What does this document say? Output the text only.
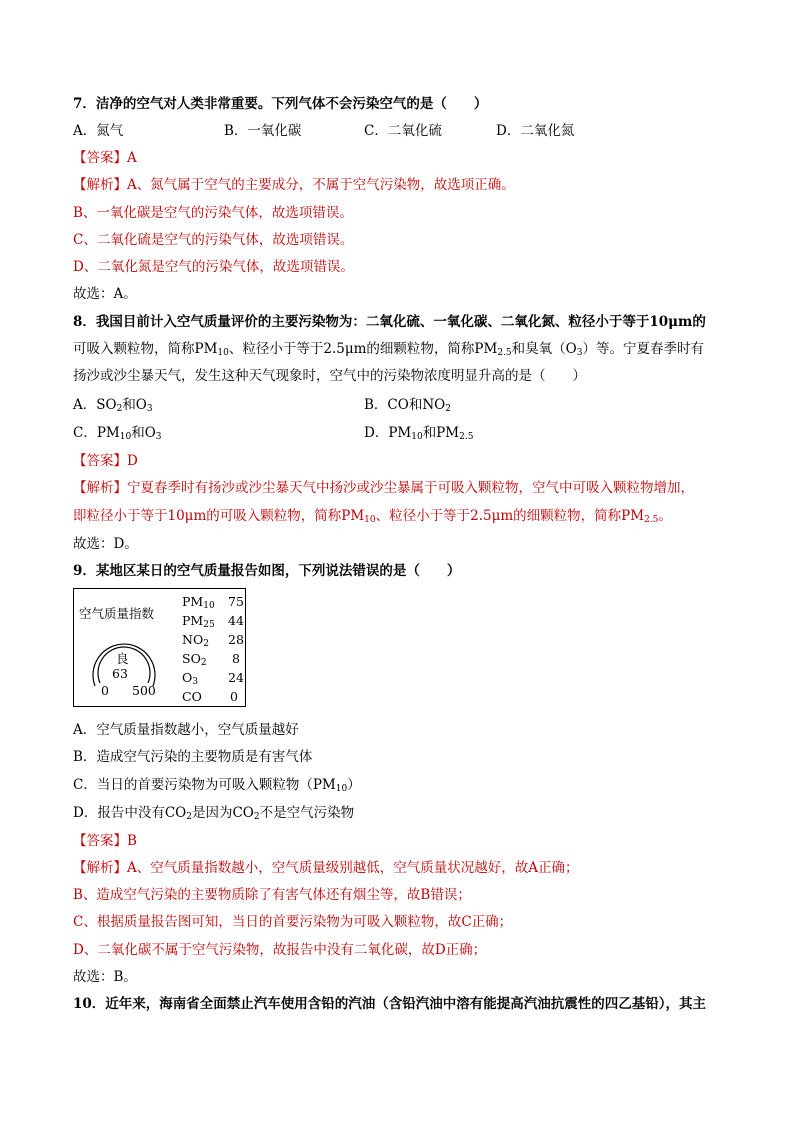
7．洁净的空气对人类非常重要。下列气体不会污染空气的是（　　）
A．氮气	B．一氧化碳	C．二氧化硫	D．二氧化氮
【答案】A
【解析】A、氮气属于空气的主要成分，不属于空气污染物，故选项正确。
B、一氧化碳是空气的污染气体，故选项错误。
C、二氧化硫是空气的污染气体，故选项错误。
D、二氧化氮是空气的污染气体，故选项错误。
故选：A。
8．我国目前计入空气质量评价的主要污染物为：二氧化硫、一氧化碳、二氧化氮、粒径小于等于10μm的
可吸入颗粒物，简称$PM_{10}$、粒径小于等于2.5μm的细颗粒物，简称$PM_{2.5}$和臭氧$(O_3)$等。宁夏春季时有
扬沙或沙尘暴天气，发生这种天气现象时，空气中的污染物浓度明显升高的是（　　）
A．$SO_2$和$O_3$	B．CO和$NO_2$
C．$PM_{10}$和$O_3$	D．$PM_{10}$和$PM_{2.5}$
【答案】D
【解析】宁夏春季时有扬沙或沙尘暴天气中扬沙或沙尘暴属于可吸入颗粒物，空气中可吸入颗粒物增加，
即粒径小于等于10μm的可吸入颗粒物，简称$PM_{10}$、粒径小于等于2.5μm的细颗粒物，简称$PM_{2.5}$。
故选：D。
9．某地区某日的空气质量报告如图，下列说法错误的是（　　）
空气质量指数
良
63
0 500
$PM_{10}$ 75
$PM_{25}$ 44
$NO_2$ 28
$SO_2$ 8
$O_3$ 24
CO 0
A．空气质量指数越小，空气质量越好
B．造成空气污染的主要物质是有害气体
C．当日的首要污染物为可吸入颗粒物$(PM_{10})$
D．报告中没有$CO_2$是因为$CO_2$不是空气污染物
【答案】B
【解析】A、空气质量指数越小，空气质量级别越低，空气质量状况越好，故A正确；
B、造成空气污染的主要物质除了有害气体还有烟尘等，故B错误；
C、根据质量报告图可知，当日的首要污染物为可吸入颗粒物，故C正确；
D、二氧化碳不属于空气污染物，故报告中没有二氧化碳，故D正确；
故选：B。
10．近年来，海南省全面禁止汽车使用含铅的汽油（含铅汽油中溶有能提高汽油抗震性的四乙基铅），其主
